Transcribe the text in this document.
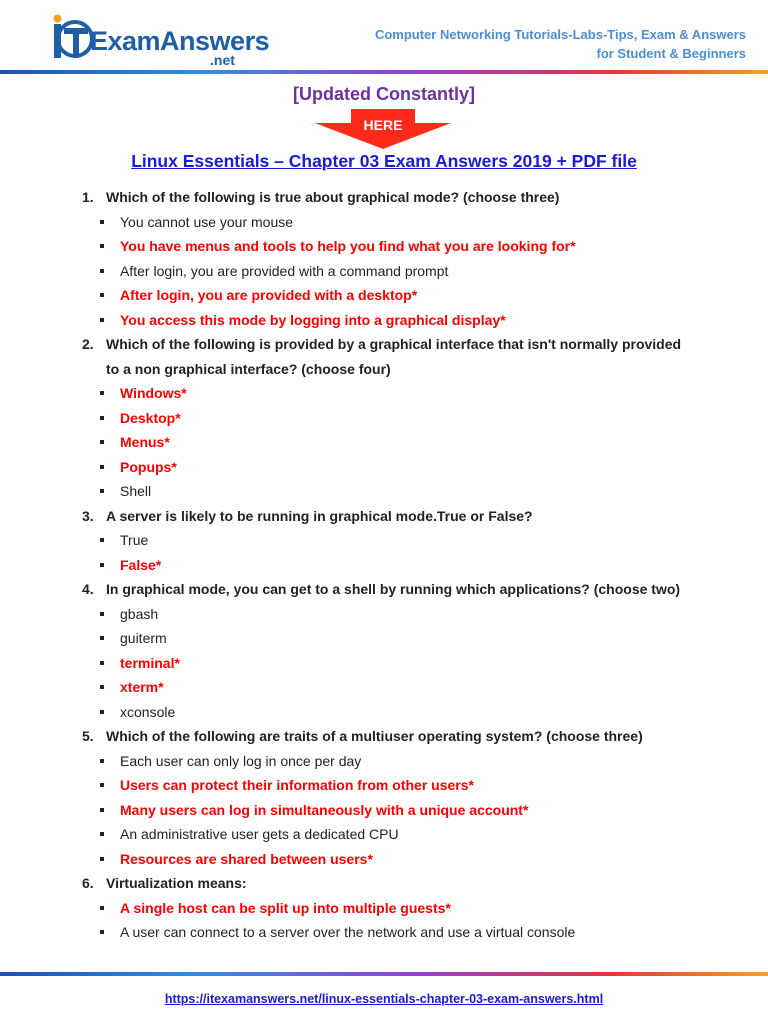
ExamAnswers
.net
Computer Networking Tutorials-Labs-Tips, Exam & Answers
for Student & Beginners
[Updated Constantly]
HERE
Linux Essentials – Chapter 03 Exam Answers 2019 + PDF file
1. Which of the following is true about graphical mode? (choose three)
You cannot use your mouse
You have menus and tools to help you find what you are looking for*
After login, you are provided with a command prompt
After login, you are provided with a desktop*
You access this mode by logging into a graphical display*
2. Which of the following is provided by a graphical interface that isn't normally provided to a non graphical interface? (choose four)
Windows*
Desktop*
Menus*
Popups*
Shell
3. A server is likely to be running in graphical mode.True or False?
True
False*
4. In graphical mode, you can get to a shell by running which applications? (choose two)
gbash
guiterm
terminal*
xterm*
xconsole
5. Which of the following are traits of a multiuser operating system? (choose three)
Each user can only log in once per day
Users can protect their information from other users*
Many users can log in simultaneously with a unique account*
An administrative user gets a dedicated CPU
Resources are shared between users*
6. Virtualization means:
A single host can be split up into multiple guests*
A user can connect to a server over the network and use a virtual console
https://itexamanswers.net/linux-essentials-chapter-03-exam-answers.html
